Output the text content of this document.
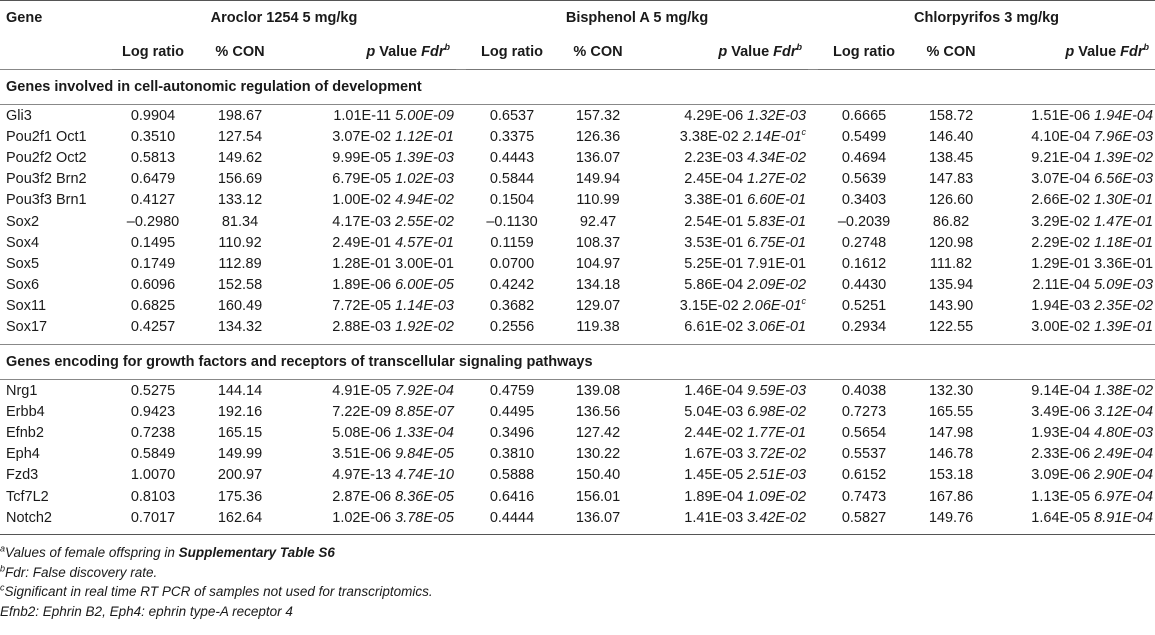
Gene	Aroclor 1254 5 mg/kg				Bisphenol A 5 mg/kg				Chlorpyrifos 3 mg/kg		
	Log ratio	% CON	p Value Fdr$^b$		Log ratio	% CON	p Value Fdr$^b$		Log ratio	% CON	p Value Fdr$^b$
Genes involved in cell-autonomic regulation of development											
Gli3	0.9904	198.67	1.01E-11 5.00E-09		0.6537	157.32	4.29E-06 1.32E-03		0.6665	158.72	1.51E-06 1.94E-04
Pou2f1 Oct1	0.3510	127.54	3.07E-02 1.12E-01		0.3375	126.36	3.38E-02 2.14E-01$^c$		0.5499	146.40	4.10E-04 7.96E-03
Pou2f2 Oct2	0.5813	149.62	9.99E-05 1.39E-03		0.4443	136.07	2.23E-03 4.34E-02		0.4694	138.45	9.21E-04 1.39E-02
Pou3f2 Brn2	0.6479	156.69	6.79E-05 1.02E-03		0.5844	149.94	2.45E-04 1.27E-02		0.5639	147.83	3.07E-04 6.56E-03
Pou3f3 Brn1	0.4127	133.12	1.00E-02 4.94E-02		0.1504	110.99	3.38E-01 6.60E-01		0.3403	126.60	2.66E-02 1.30E-01
Sox2	–0.2980	81.34	4.17E-03 2.55E-02		–0.1130	92.47	2.54E-01 5.83E-01		–0.2039	86.82	3.29E-02 1.47E-01
Sox4	0.1495	110.92	2.49E-01 4.57E-01		0.1159	108.37	3.53E-01 6.75E-01		0.2748	120.98	2.29E-02 1.18E-01
Sox5	0.1749	112.89	1.28E-01 3.00E-01		0.0700	104.97	5.25E-01 7.91E-01		0.1612	111.82	1.29E-01 3.36E-01
Sox6	0.6096	152.58	1.89E-06 6.00E-05		0.4242	134.18	5.86E-04 2.09E-02		0.4430	135.94	2.11E-04 5.09E-03
Sox11	0.6825	160.49	7.72E-05 1.14E-03		0.3682	129.07	3.15E-02 2.06E-01$^c$		0.5251	143.90	1.94E-03 2.35E-02
Sox17	0.4257	134.32	2.88E-03 1.92E-02		0.2556	119.38	6.61E-02 3.06E-01		0.2934	122.55	3.00E-02 1.39E-01

Genes encoding for growth factors and receptors of transcellular signaling pathways											
Nrg1	0.5275	144.14	4.91E-05 7.92E-04		0.4759	139.08	1.46E-04 9.59E-03		0.4038	132.30	9.14E-04 1.38E-02
Erbb4	0.9423	192.16	7.22E-09 8.85E-07		0.4495	136.56	5.04E-03 6.98E-02		0.7273	165.55	3.49E-06 3.12E-04
Efnb2	0.7238	165.15	5.08E-06 1.33E-04		0.3496	127.42	2.44E-02 1.77E-01		0.5654	147.98	1.93E-04 4.80E-03
Eph4	0.5849	149.99	3.51E-06 9.84E-05		0.3810	130.22	1.67E-03 3.72E-02		0.5537	146.78	2.33E-06 2.49E-04
Fzd3	1.0070	200.97	4.97E-13 4.74E-10		0.5888	150.40	1.45E-05 2.51E-03		0.6152	153.18	3.09E-06 2.90E-04
Tcf7L2	0.8103	175.36	2.87E-06 8.36E-05		0.6416	156.01	1.89E-04 1.09E-02		0.7473	167.86	1.13E-05 6.97E-04
Notch2	0.7017	162.64	1.02E-06 3.78E-05		0.4444	136.07	1.41E-03 3.42E-02		0.5827	149.76	1.64E-05 8.91E-04

$^a$Values of female offspring in Supplementary Table S6
$^b$Fdr: False discovery rate.
$^c$Significant in real time RT PCR of samples not used for transcriptomics.
Efnb2: Ephrin B2, Eph4: ephrin type-A receptor 4
